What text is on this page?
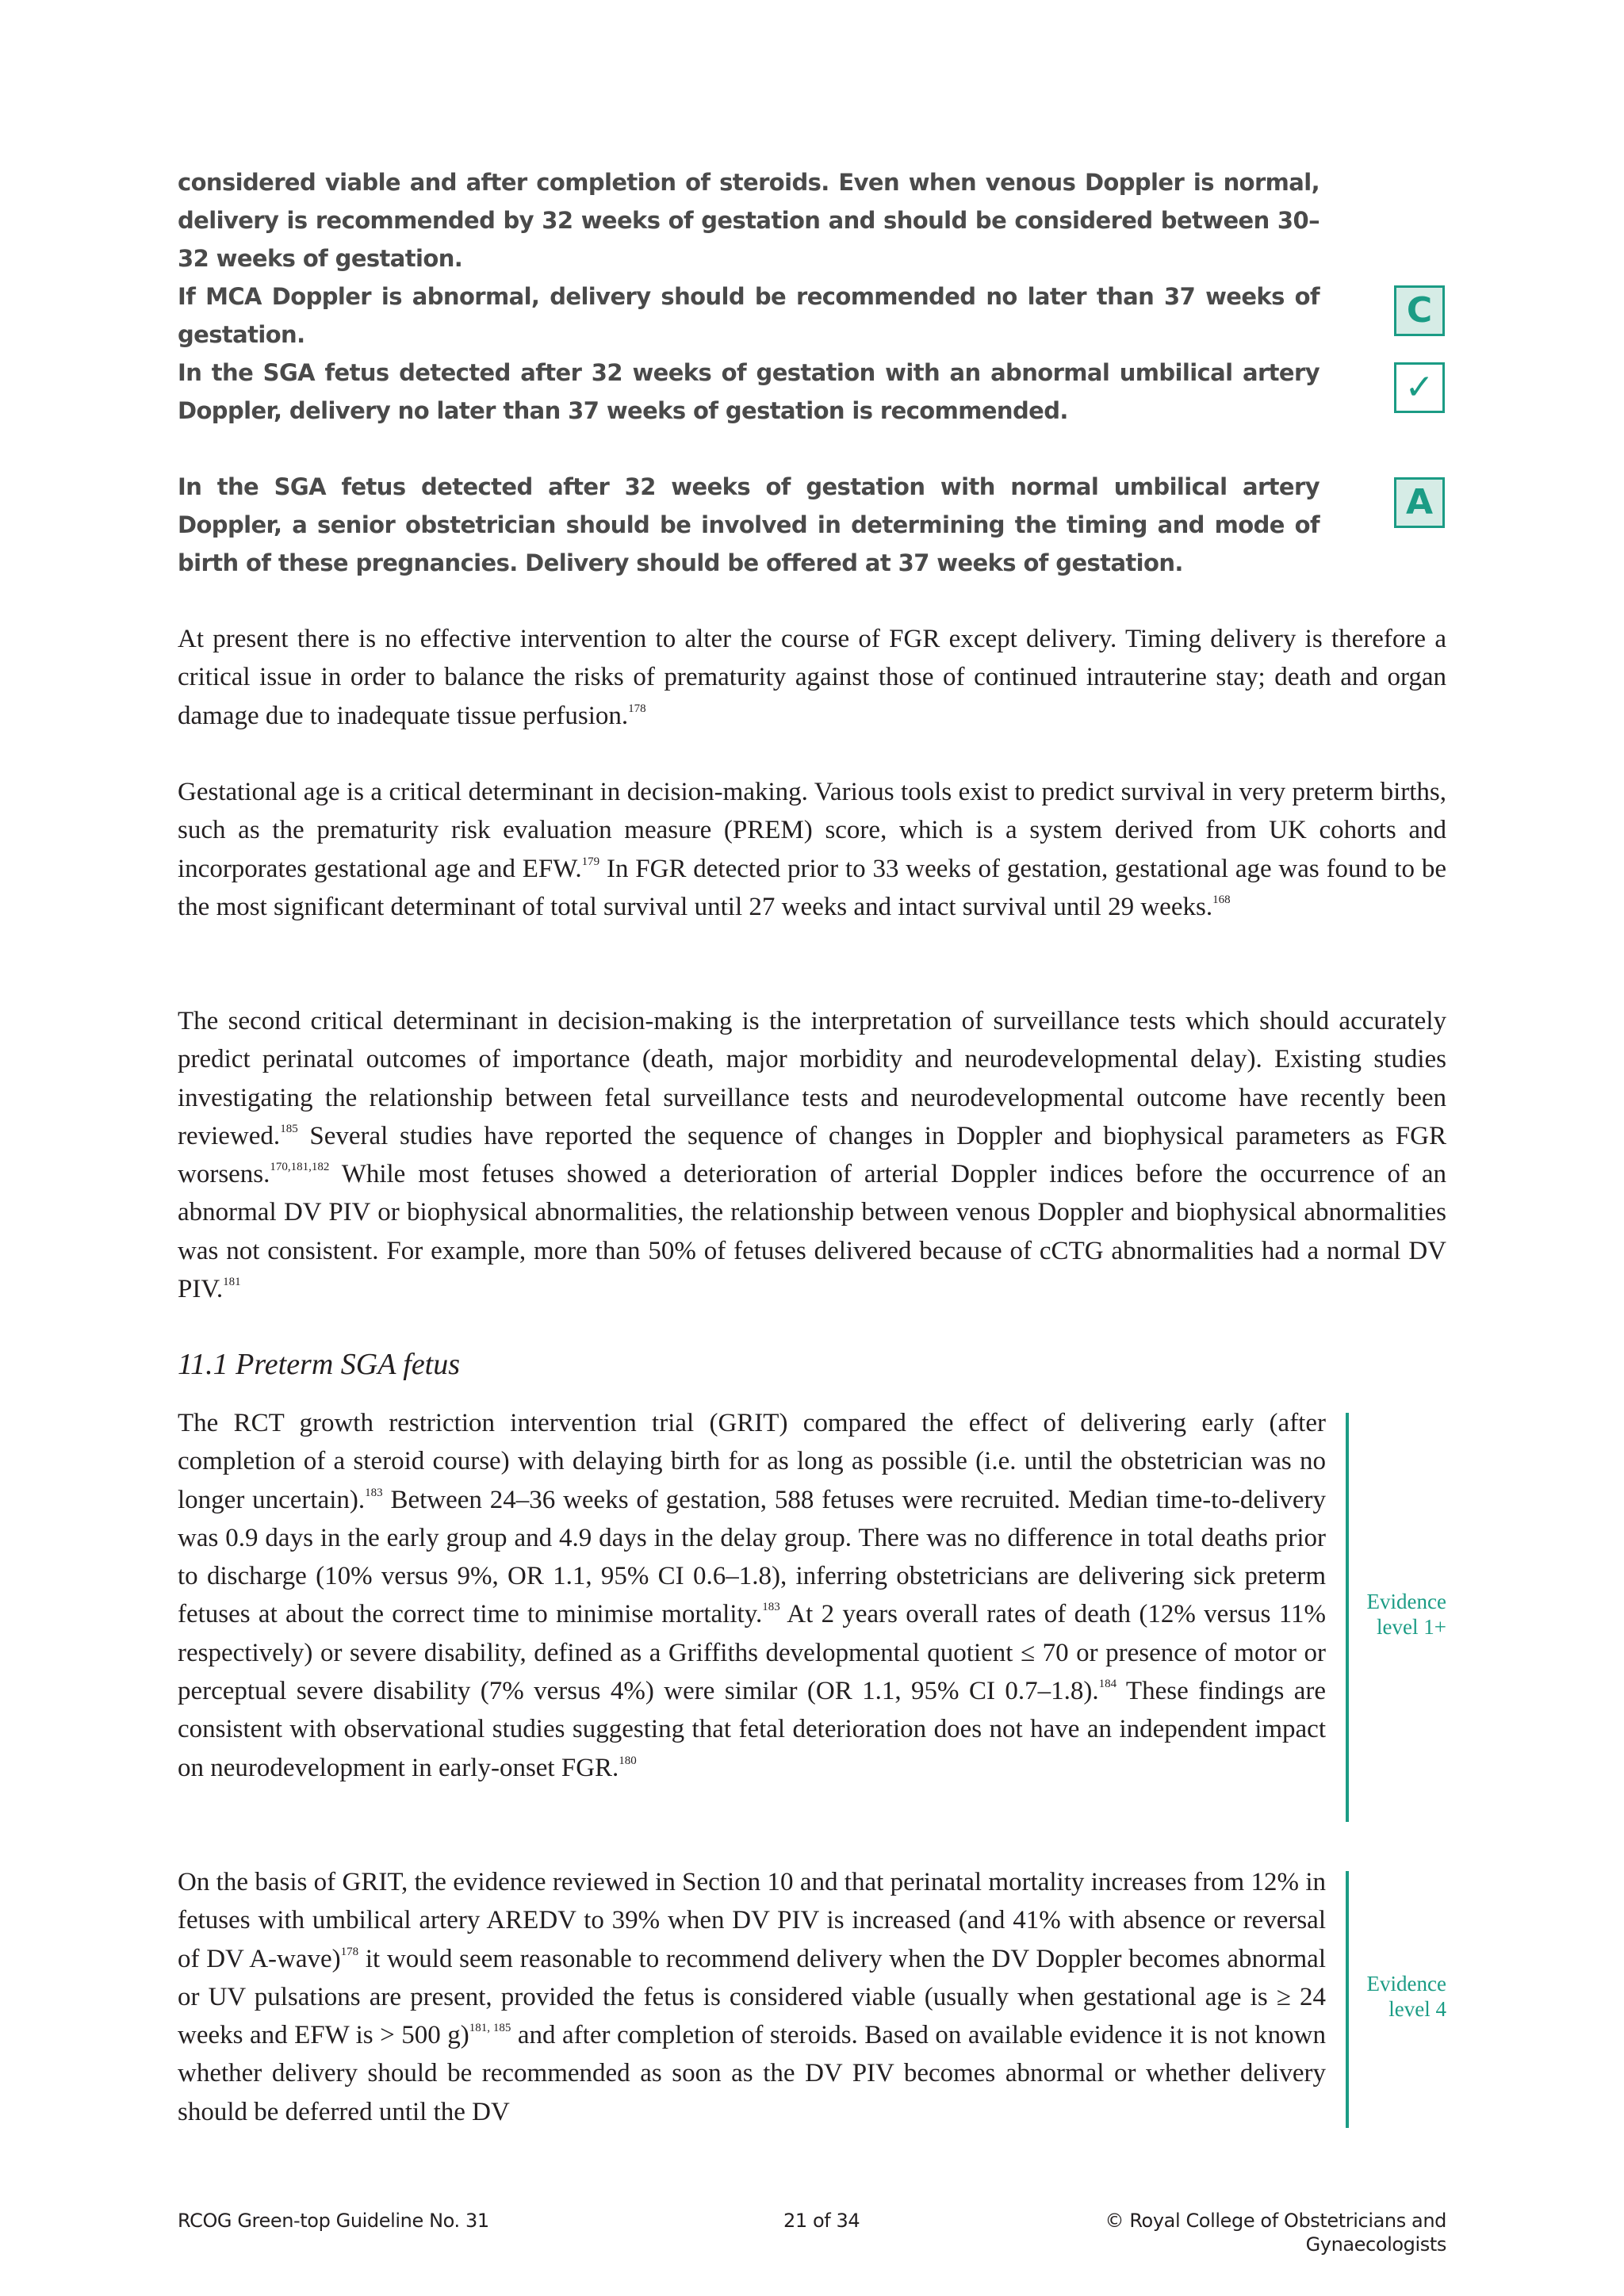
considered viable and after completion of steroids. Even when venous Doppler is normal, delivery is recommended by 32 weeks of gestation and should be considered between 30–32 weeks of gestation.

If MCA Doppler is abnormal, delivery should be recommended no later than 37 weeks of gestation.

C

In the SGA fetus detected after 32 weeks of gestation with an abnormal umbilical artery Doppler, delivery no later than 37 weeks of gestation is recommended.

✓

In the SGA fetus detected after 32 weeks of gestation with normal umbilical artery Doppler, a senior obstetrician should be involved in determining the timing and mode of birth of these pregnancies. Delivery should be offered at 37 weeks of gestation.

A

At present there is no effective intervention to alter the course of FGR except delivery. Timing delivery is therefore a critical issue in order to balance the risks of prematurity against those of continued intrauterine stay; death and organ damage due to inadequate tissue perfusion.$^{178}$

Gestational age is a critical determinant in decision-making. Various tools exist to predict survival in very preterm births, such as the prematurity risk evaluation measure (PREM) score, which is a system derived from UK cohorts and incorporates gestational age and EFW.$^{179}$ In FGR detected prior to 33 weeks of gestation, gestational age was found to be the most significant determinant of total survival until 27 weeks and intact survival until 29 weeks.$^{168}$

The second critical determinant in decision-making is the interpretation of surveillance tests which should accurately predict perinatal outcomes of importance (death, major morbidity and neurodevelopmental delay). Existing studies investigating the relationship between fetal surveillance tests and neurodevelopmental outcome have recently been reviewed.$^{185}$ Several studies have reported the sequence of changes in Doppler and biophysical parameters as FGR worsens.$^{170,181,182}$ While most fetuses showed a deterioration of arterial Doppler indices before the occurrence of an abnormal DV PIV or biophysical abnormalities, the relationship between venous Doppler and biophysical abnormalities was not consistent. For example, more than 50% of fetuses delivered because of cCTG abnormalities had a normal DV PIV.$^{181}$

11.1 Preterm SGA fetus

The RCT growth restriction intervention trial (GRIT) compared the effect of delivering early (after completion of a steroid course) with delaying birth for as long as possible (i.e. until the obstetrician was no longer uncertain).$^{183}$ Between 24–36 weeks of gestation, 588 fetuses were recruited. Median time-to-delivery was 0.9 days in the early group and 4.9 days in the delay group. There was no difference in total deaths prior to discharge (10% versus 9%, OR 1.1, 95% CI 0.6–1.8), inferring obstetricians are delivering sick preterm fetuses at about the correct time to minimise mortality.$^{183}$ At 2 years overall rates of death (12% versus 11% respectively) or severe disability, defined as a Griffiths developmental quotient ≤ 70 or presence of motor or perceptual severe disability (7% versus 4%) were similar (OR 1.1, 95% CI 0.7–1.8).$^{184}$ These findings are consistent with observational studies suggesting that fetal deterioration does not have an independent impact on neurodevelopment in early-onset FGR.$^{180}$

Evidence
level 1+

On the basis of GRIT, the evidence reviewed in Section 10 and that perinatal mortality increases from 12% in fetuses with umbilical artery AREDV to 39% when DV PIV is increased (and 41% with absence or reversal of DV A-wave)$^{178}$ it would seem reasonable to recommend delivery when the DV Doppler becomes abnormal or UV pulsations are present, provided the fetus is considered viable (usually when gestational age is ≥ 24 weeks and EFW is > 500 g)$^{181, 185}$ and after completion of steroids. Based on available evidence it is not known whether delivery should be recommended as soon as the DV PIV becomes abnormal or whether delivery should be deferred until the DV

Evidence
level 4
RCOG Green-top Guideline No. 31	21 of 34	© Royal College of Obstetricians and Gynaecologists
